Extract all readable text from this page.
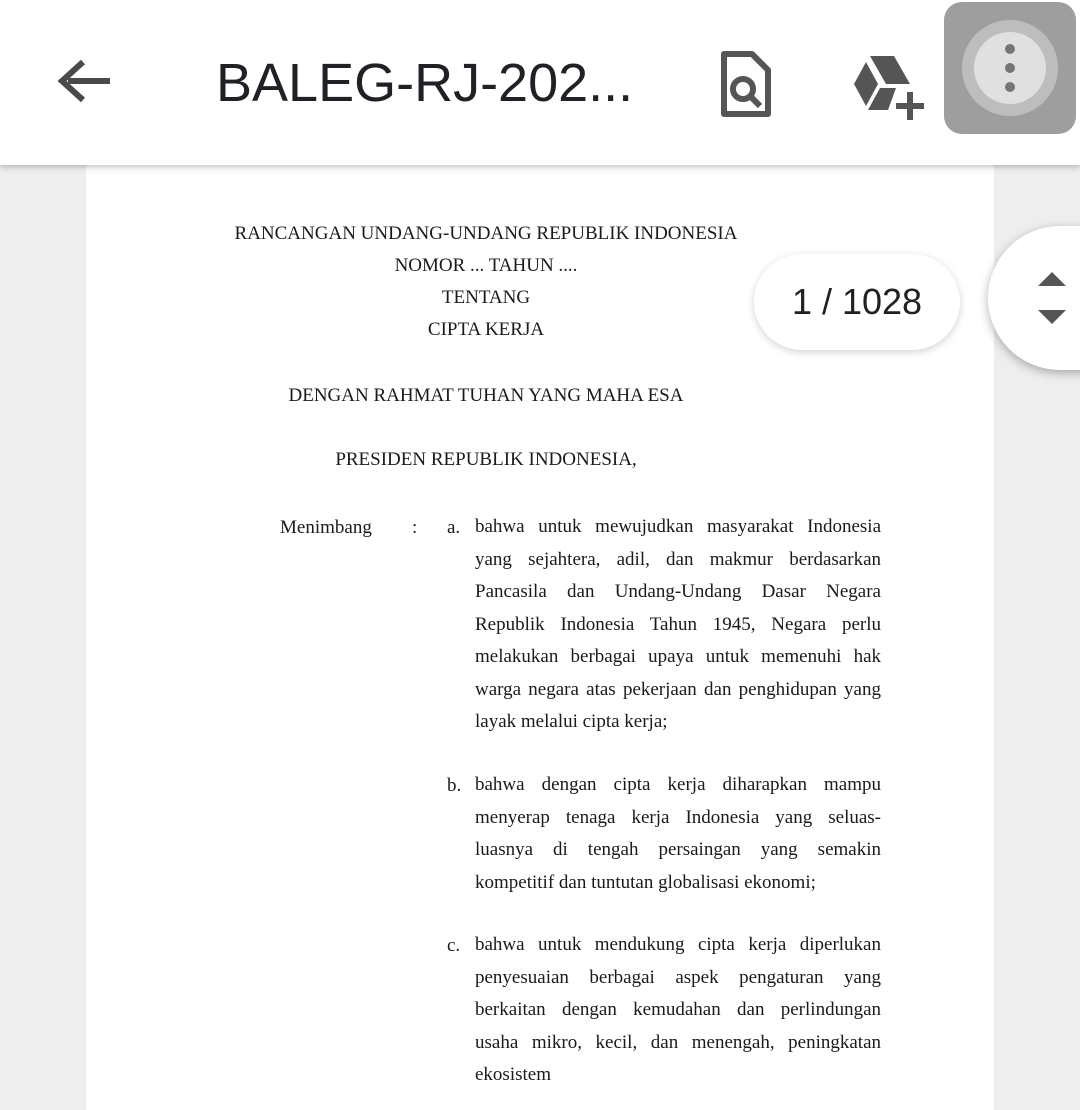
BALEG-RJ-202...
RANCANGAN UNDANG-UNDANG REPUBLIK INDONESIA
NOMOR ... TAHUN ....
TENTANG
CIPTA KERJA
DENGAN RAHMAT TUHAN YANG MAHA ESA
PRESIDEN REPUBLIK INDONESIA,
Menimbang : a. bahwa untuk mewujudkan masyarakat Indonesia yang sejahtera, adil, dan makmur berdasarkan Pancasila dan Undang-Undang Dasar Negara Republik Indonesia Tahun 1945, Negara perlu melakukan berbagai upaya untuk memenuhi hak warga negara atas pekerjaan dan penghidupan yang layak melalui cipta kerja;
b. bahwa dengan cipta kerja diharapkan mampu menyerap tenaga kerja Indonesia yang seluas-luasnya di tengah persaingan yang semakin kompetitif dan tuntutan globalisasi ekonomi;
c. bahwa untuk mendukung cipta kerja diperlukan penyesuaian berbagai aspek pengaturan yang berkaitan dengan kemudahan dan perlindungan usaha mikro, kecil, dan menengah, peningkatan ekosistem
1 / 1028
